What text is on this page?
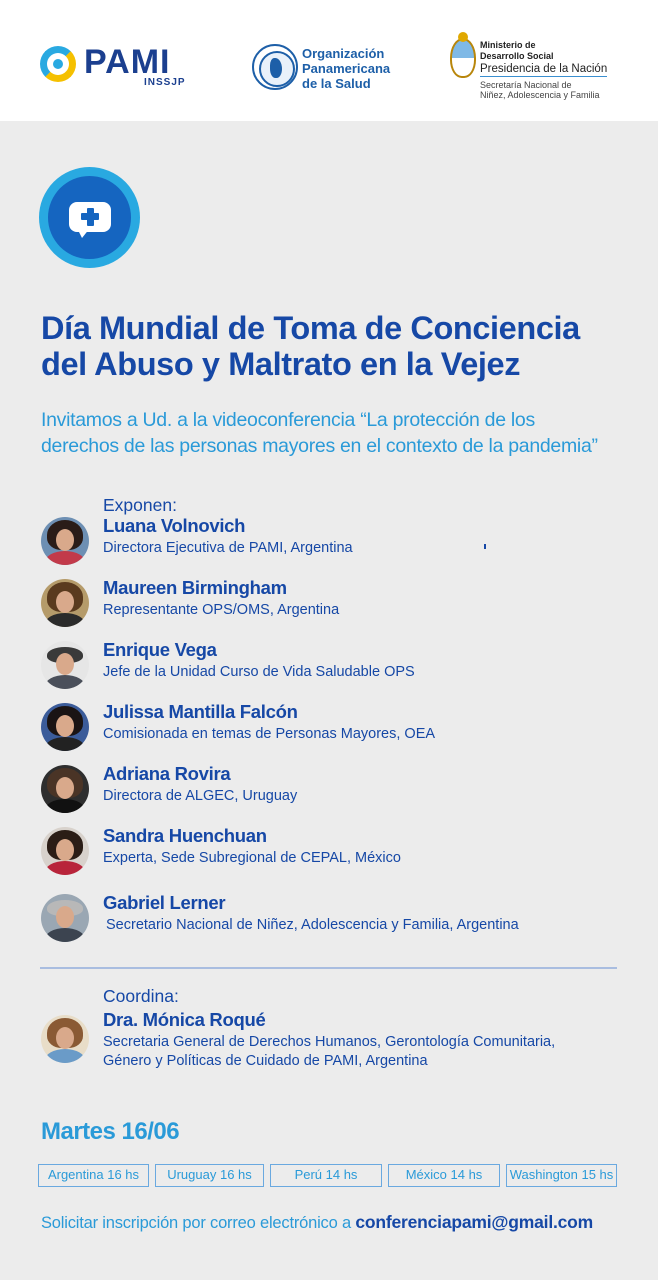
PAMI
INSSJP
Organización
Panamericana
de la Salud
Ministerio de
Desarrollo Social
Presidencia de la Nación
Secretaría Nacional de
Niñez, Adolescencia y Familia
Día Mundial de Toma de Conciencia
del Abuso y Maltrato en la Vejez
Invitamos a Ud. a la videoconferencia “La protección de los
derechos de las personas mayores en el contexto de la pandemia”
Exponen:
Luana Volnovich
Directora Ejecutiva de PAMI, Argentina
Maureen Birmingham
Representante OPS/OMS, Argentina
Enrique Vega
Jefe de la Unidad Curso de Vida Saludable OPS
Julissa Mantilla Falcón
Comisionada en temas de Personas Mayores, OEA
Adriana Rovira
Directora de ALGEC, Uruguay
Sandra Huenchuan
Experta, Sede Subregional de CEPAL, México
Gabriel Lerner
Secretario Nacional de Niñez, Adolescencia y Familia, Argentina
Coordina:
Dra. Mónica Roqué
Secretaria General de Derechos Humanos, Gerontología Comunitaria,
Género y Políticas de Cuidado de PAMI, Argentina
Martes 16/06
Argentina 16 hs	Uruguay 16 hs	Perú 14 hs	México 14 hs	Washington 15 hs
Solicitar inscripción por correo electrónico a conferenciapami@gmail.com
